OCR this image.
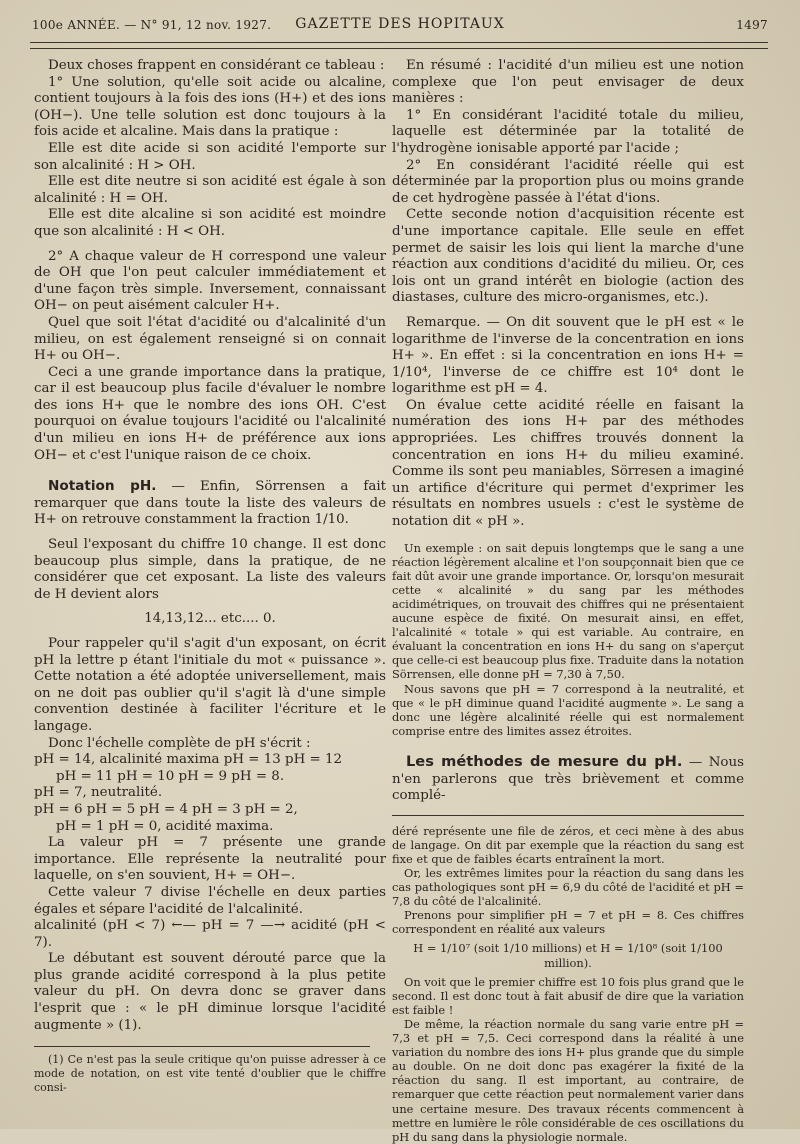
100e ANNÉE. — N° 91, 12 nov. 1927.	GAZETTE DES HOPITAUX	1497

Deux choses frappent en considérant ce tableau :

1° Une solution, qu'elle soit acide ou alcaline, contient toujours à la fois des ions (H+) et des ions (OH−). Une telle solution est donc toujours à la fois acide et alcaline. Mais dans la pratique :

Elle est dite acide si son acidité l'emporte sur son alcalinité : H > OH.

Elle est dite neutre si son acidité est égale à son alcalinité : H = OH.

Elle est dite alcaline si son acidité est moindre que son alcalinité : H < OH.

2° A chaque valeur de H correspond une valeur de OH que l'on peut calculer immédiatement et d'une façon très simple. Inversement, connaissant OH− on peut aisément calculer H+.

Quel que soit l'état d'acidité ou d'alcalinité d'un milieu, on est également renseigné si on connait H+ ou OH−.

Ceci a une grande importance dans la pratique, car il est beaucoup plus facile d'évaluer le nombre des ions H+ que le nombre des ions OH. C'est pourquoi on évalue toujours l'acidité ou l'alcalinité d'un milieu en ions H+ de préférence aux ions OH− et c'est l'unique raison de ce choix.

Notation pH. — Enfin, Sörrensen a fait remarquer que dans toute la liste des valeurs de H+ on retrouve constamment la fraction 1/10.

Seul l'exposant du chiffre 10 change. Il est donc beaucoup plus simple, dans la pratique, de ne considérer que cet exposant. La liste des valeurs de H devient alors

14,13,12... etc.... 0.

Pour rappeler qu'il s'agit d'un exposant, on écrit pH la lettre p étant l'initiale du mot « puissance ». Cette notation a été adoptée universellement, mais on ne doit pas oublier qu'il s'agit là d'une simple convention destinée à faciliter l'écriture et le langage.

Donc l'échelle complète de pH s'écrit :

pH = 14, alcalinité maxima pH = 13 pH = 12

pH = 11 pH = 10 pH = 9 pH = 8.

pH = 7, neutralité.

pH = 6 pH = 5 pH = 4 pH = 3 pH = 2,

pH = 1 pH = 0, acidité maxima.

La valeur pH = 7 présente une grande importance. Elle représente la neutralité pour laquelle, on s'en souvient, H+ = OH−.

Cette valeur 7 divise l'échelle en deux parties égales et sépare l'acidité de l'alcalinité.

alcalinité (pH < 7) ←— pH = 7 —→ acidité (pH < 7).

Le débutant est souvent dérouté parce que la plus grande acidité correspond à la plus petite valeur du pH. On devra donc se graver dans l'esprit que : « le pH diminue lorsque l'acidité augmente » (1).

(1) Ce n'est pas la seule critique qu'on puisse adresser à ce mode de notation, on est vite tenté d'oublier que le chiffre consi-

En résumé : l'acidité d'un milieu est une notion complexe que l'on peut envisager de deux manières :

1° En considérant l'acidité totale du milieu, laquelle est déterminée par la totalité de l'hydrogène ionisable apporté par l'acide ;

2° En considérant l'acidité réelle qui est déterminée par la proportion plus ou moins grande de cet hydrogène passée à l'état d'ions.

Cette seconde notion d'acquisition récente est d'une importance capitale. Elle seule en effet permet de saisir les lois qui lient la marche d'une réaction aux conditions d'acidité du milieu. Or, ces lois ont un grand intérêt en biologie (action des diastases, culture des micro-organismes, etc.).

Remarque. — On dit souvent que le pH est « le logarithme de l'inverse de la concentration en ions H+ ». En effet : si la concentration en ions H+ = 1/10⁴, l'inverse de ce chiffre est 10⁴ dont le logarithme est pH = 4.

On évalue cette acidité réelle en faisant la numération des ions H+ par des méthodes appropriées. Les chiffres trouvés donnent la concentration en ions H+ du milieu examiné. Comme ils sont peu maniables, Sörresen a imaginé un artifice d'écriture qui permet d'exprimer les résultats en nombres usuels : c'est le système de notation dit « pH ».

Un exemple : on sait depuis longtemps que le sang a une réaction légèrement alcaline et l'on soupçonnait bien que ce fait dût avoir une grande importance. Or, lorsqu'on mesurait cette « alcalinité » du sang par les méthodes acidimétriques, on trouvait des chiffres qui ne présentaient aucune espèce de fixité. On mesurait ainsi, en effet, l'alcalinité « totale » qui est variable. Au contraire, en évaluant la concentration en ions H+ du sang on s'aperçut que celle-ci est beaucoup plus fixe. Traduite dans la notation Sörrensen, elle donne pH = 7,30 à 7,50.

Nous savons que pH = 7 correspond à la neutralité, et que « le pH diminue quand l'acidité augmente ». Le sang a donc une légère alcalinité réelle qui est normalement comprise entre des limites assez étroites.

Les méthodes de mesure du pH. — Nous n'en parlerons que très brièvement et comme complé-

déré représente une file de zéros, et ceci mène à des abus de langage. On dit par exemple que la réaction du sang est fixe et que de faibles écarts entraînent la mort.

Or, les extrêmes limites pour la réaction du sang dans les cas pathologiques sont pH = 6,9 du côté de l'acidité et pH = 7,8 du côté de l'alcalinité.

Prenons pour simplifier pH = 7 et pH = 8. Ces chiffres correspondent en réalité aux valeurs

H = 1/10⁷ (soit 1/10 millions) et H = 1/10⁸ (soit 1/100 million).

On voit que le premier chiffre est 10 fois plus grand que le second. Il est donc tout à fait abusif de dire que la variation est faible !

De même, la réaction normale du sang varie entre pH = 7,3 et pH = 7,5. Ceci correspond dans la réalité à une variation du nombre des ions H+ plus grande que du simple au double. On ne doit donc pas exagérer la fixité de la réaction du sang. Il est important, au contraire, de remarquer que cette réaction peut normalement varier dans une certaine mesure. Des travaux récents commencent à mettre en lumière le rôle considérable de ces oscillations du pH du sang dans la physiologie normale.
